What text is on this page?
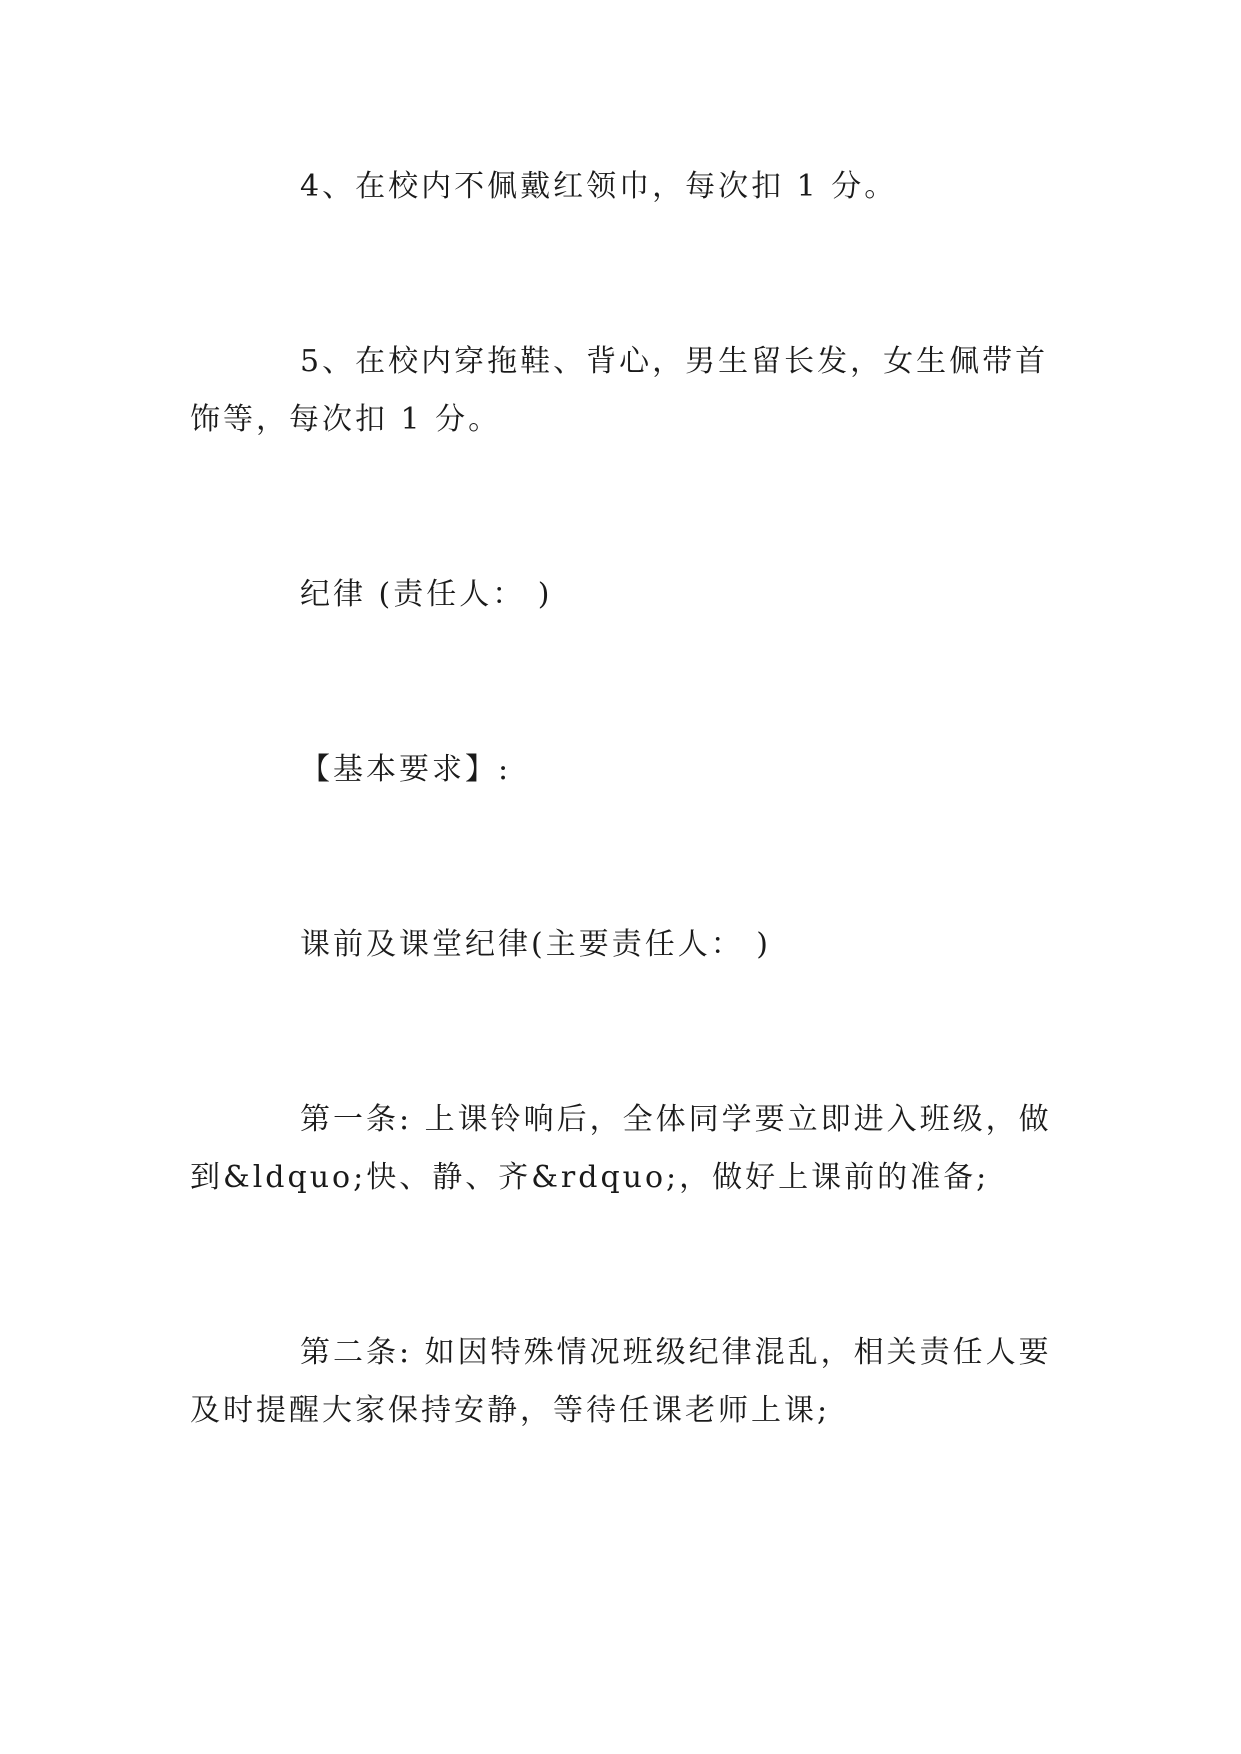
4、在校内不佩戴红领巾，每次扣 1 分。

5、在校内穿拖鞋、背心，男生留长发，女生佩带首饰等，每次扣 1 分。

纪律 (责任人： )

【基本要求】:

课前及课堂纪律(主要责任人： )

第一条: 上课铃响后，全体同学要立即进入班级，做到&ldquo;快、静、齐&rdquo;，做好上课前的准备;

第二条: 如因特殊情况班级纪律混乱，相关责任人要及时提醒大家保持安静，等待任课老师上课;
